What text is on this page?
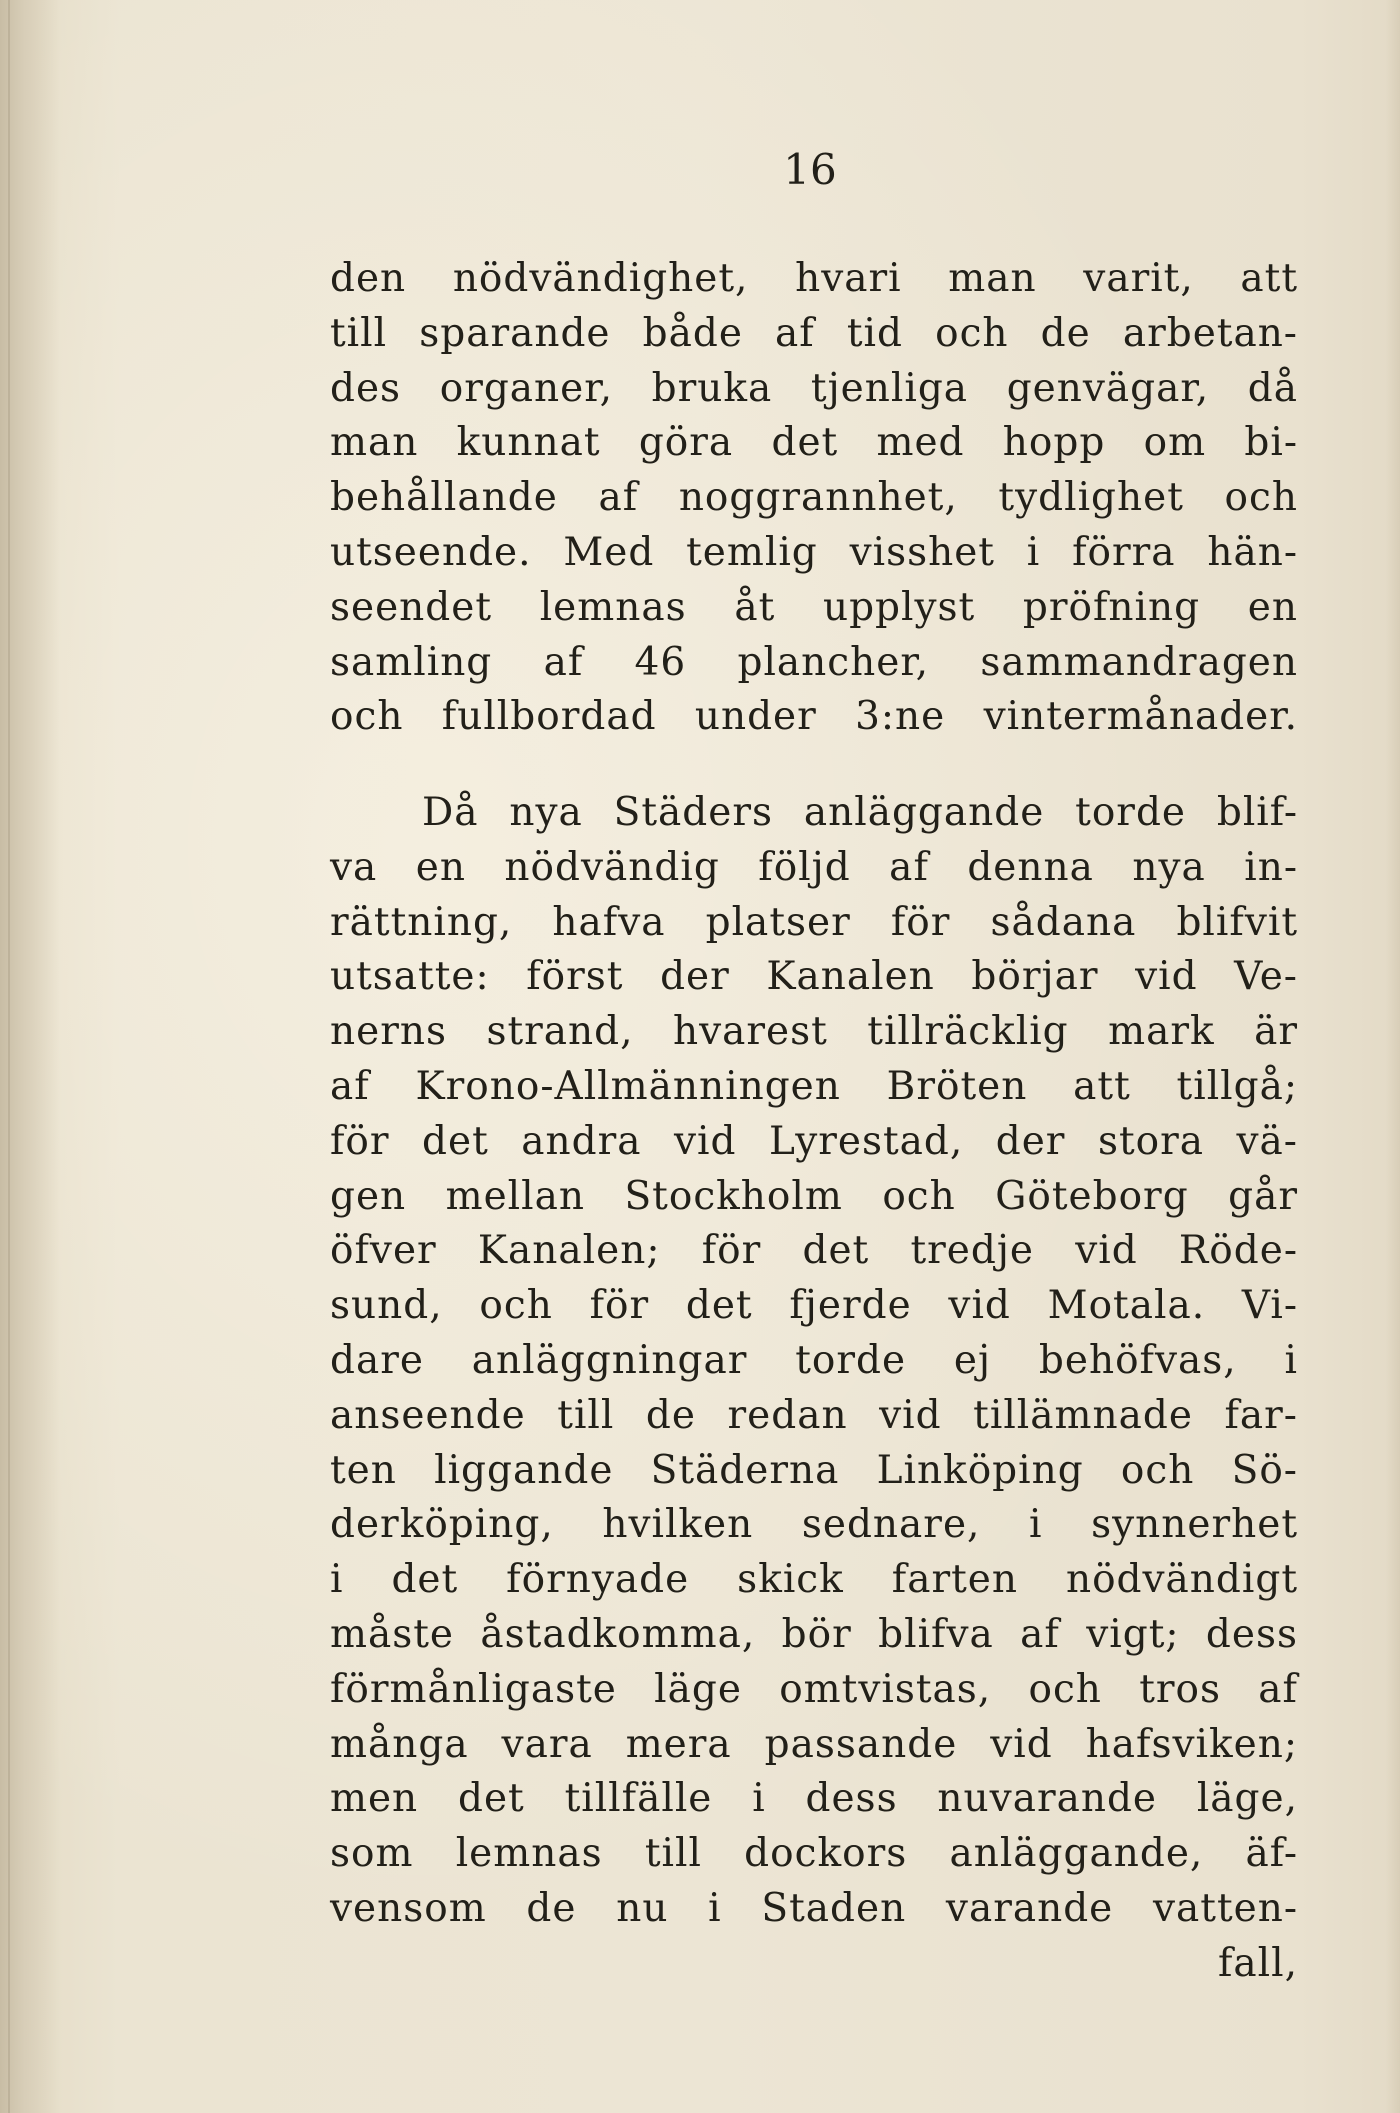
16
den nödvändighet, hvari man varit, att
till sparande både af tid och de arbetan-
des organer, bruka tjenliga genvägar, då
man kunnat göra det med hopp om bi-
behållande af noggrannhet, tydlighet och
utseende. Med temlig visshet i förra hän-
seendet lemnas åt upplyst pröfning en
samling af 46 plancher, sammandragen
och fullbordad under 3:ne vintermånader.
Då nya Städers anläggande torde blif-
va en nödvändig följd af denna nya in-
rättning, hafva platser för sådana blifvit
utsatte: först der Kanalen börjar vid Ve-
nerns strand, hvarest tillräcklig mark är
af Krono-Allmänningen Bröten att tillgå;
för det andra vid Lyrestad, der stora vä-
gen mellan Stockholm och Göteborg går
öfver Kanalen; för det tredje vid Röde-
sund, och för det fjerde vid Motala. Vi-
dare anläggningar torde ej behöfvas, i
anseende till de redan vid tillämnade far-
ten liggande Städerna Linköping och Sö-
derköping, hvilken sednare, i synnerhet
i det förnyade skick farten nödvändigt
måste åstadkomma, bör blifva af vigt; dess
förmånligaste läge omtvistas, och tros af
många vara mera passande vid hafsviken;
men det tillfälle i dess nuvarande läge,
som lemnas till dockors anläggande, äf-
vensom de nu i Staden varande vatten-
fall,
